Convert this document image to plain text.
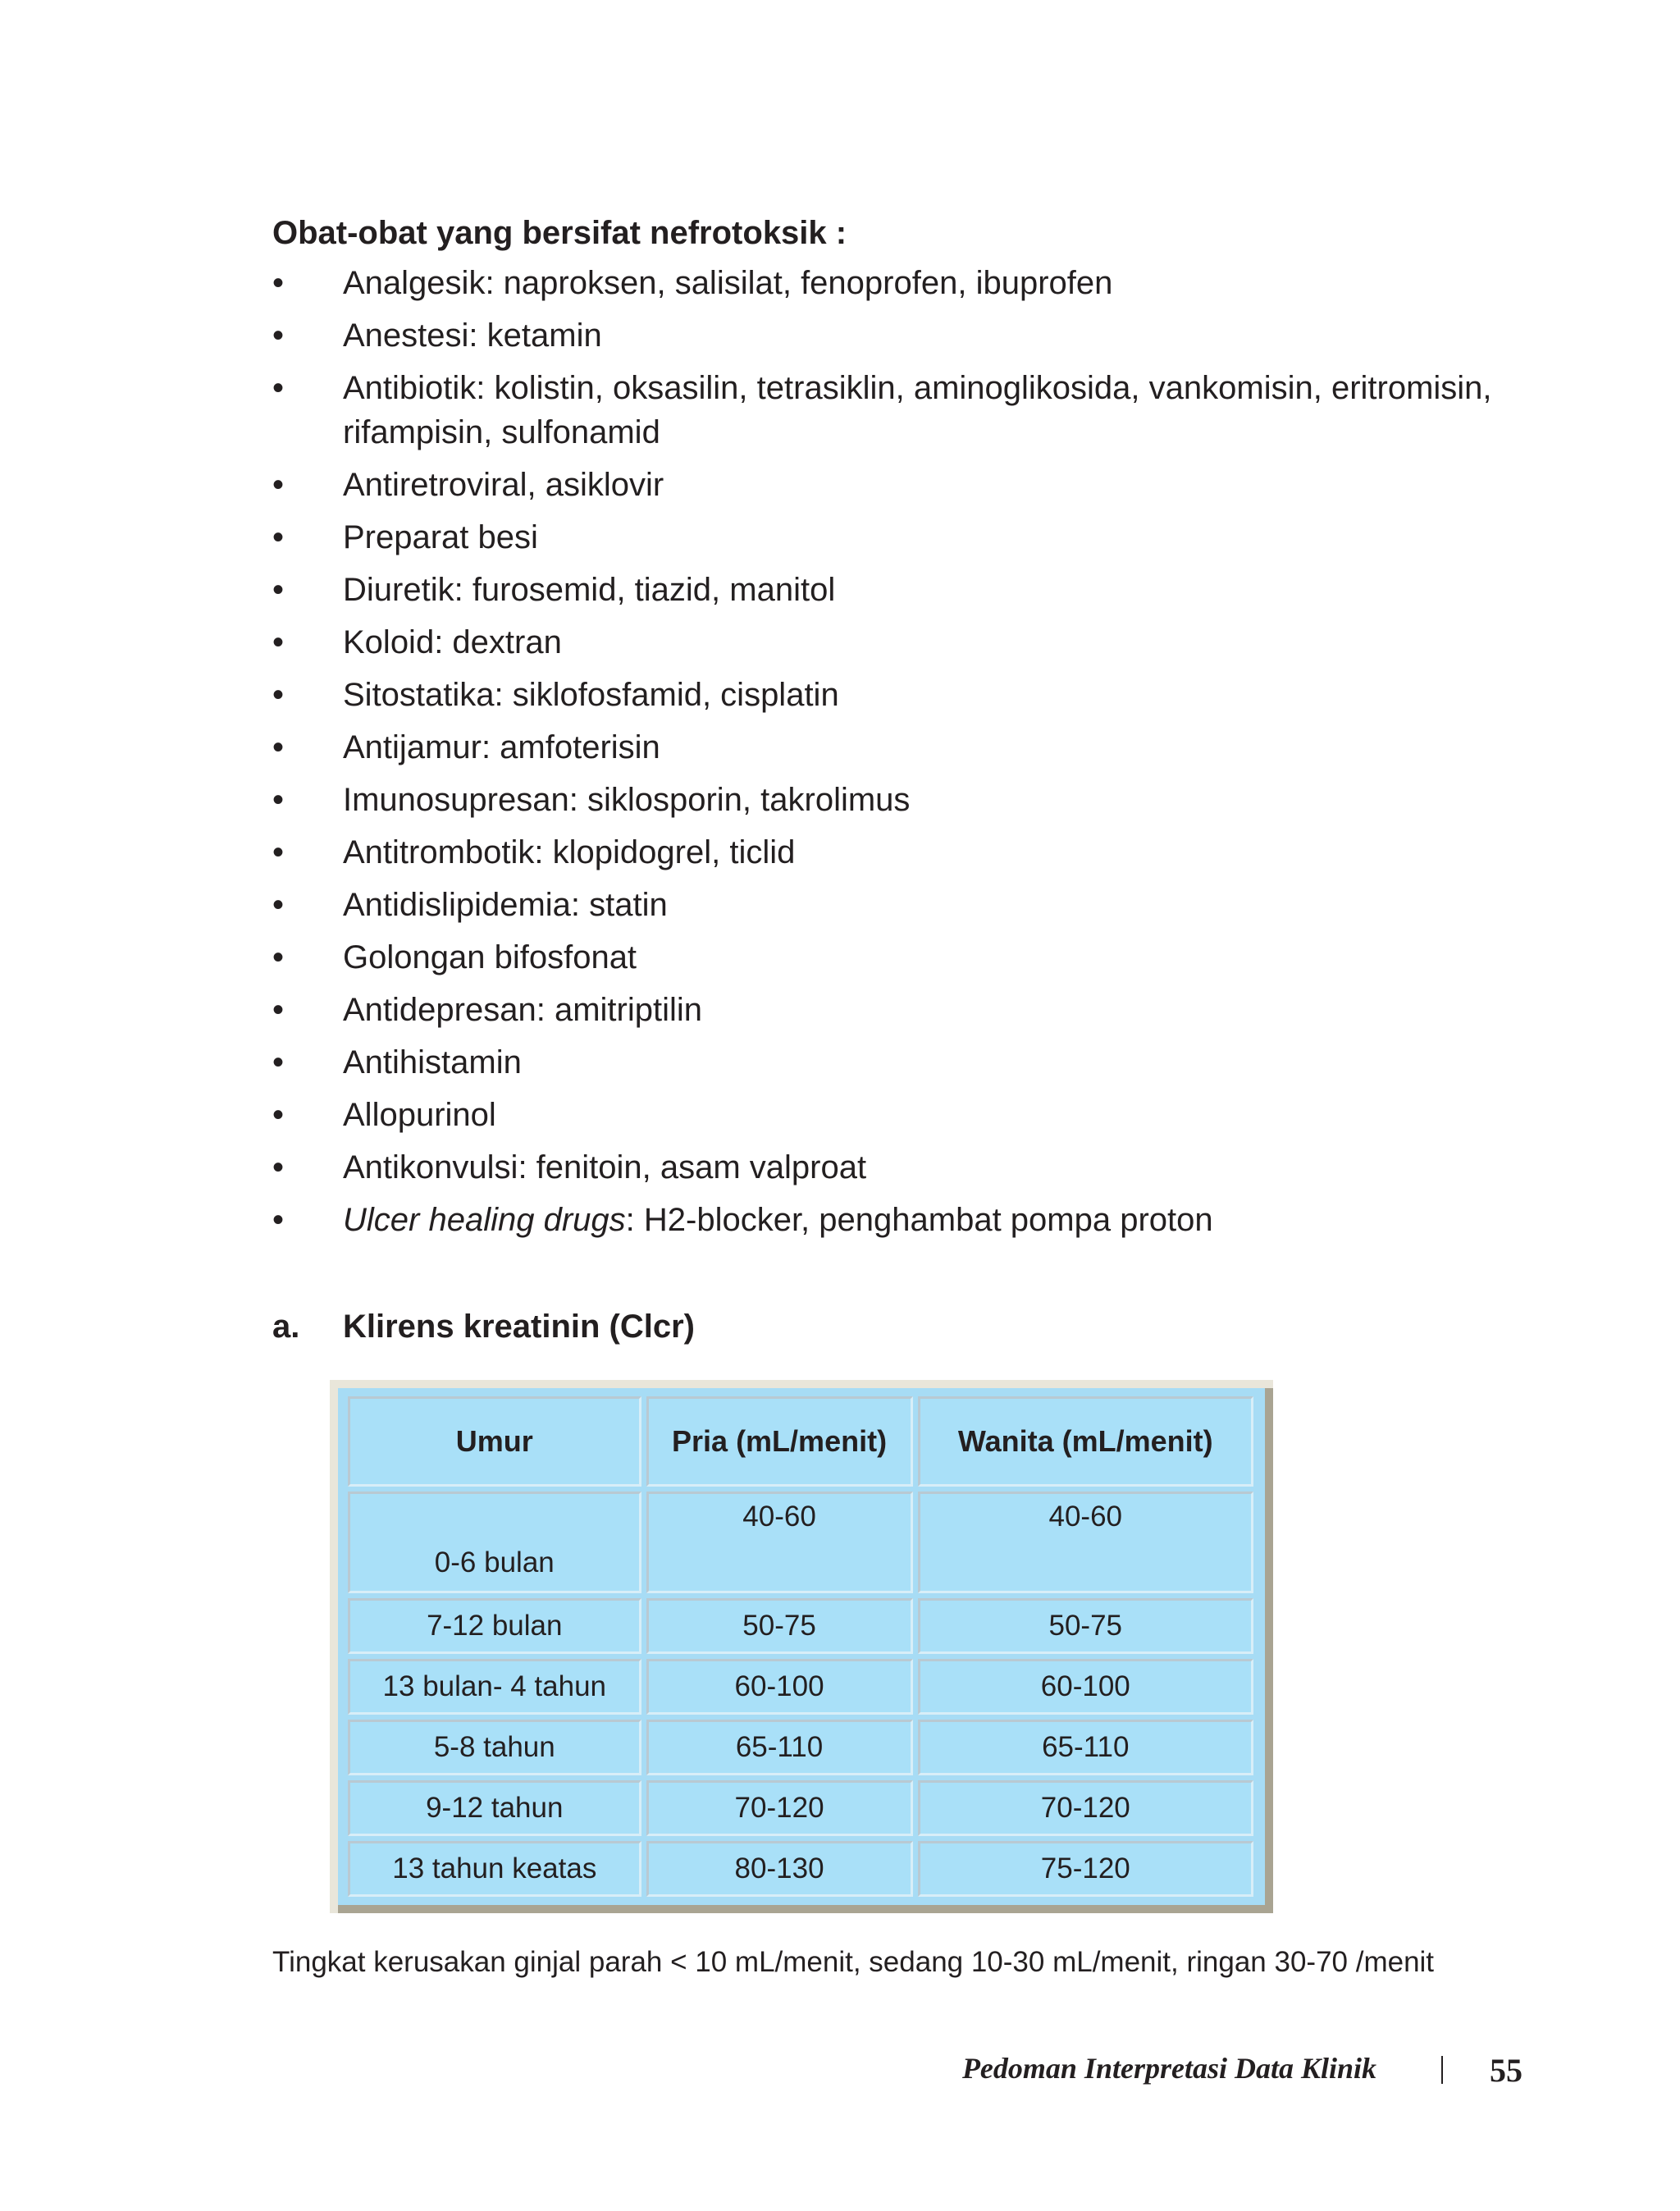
Obat-obat yang bersifat nefrotoksik :
•	Analgesik: naproksen, salisilat, fenoprofen, ibuprofen
•	Anestesi: ketamin
•	Antibiotik: kolistin, oksasilin, tetrasiklin, aminoglikosida, vankomisin, eritromisin,
rifampisin, sulfonamid
•	Antiretroviral, asiklovir
•	Preparat besi
•	Diuretik: furosemid, tiazid, manitol
•	Koloid: dextran
•	Sitostatika: siklofosfamid, cisplatin
•	Antijamur: amfoterisin
•	Imunosupresan: siklosporin, takrolimus
•	Antitrombotik: klopidogrel, ticlid
•	Antidislipidemia: statin
•	Golongan bifosfonat
•	Antidepresan: amitriptilin
•	Antihistamin
•	Allopurinol
•	Antikonvulsi: fenitoin, asam valproat
•	Ulcer healing drugs: H2-blocker, penghambat pompa proton
a. Klirens kreatinin (Clcr)
Umur	Pria (mL/menit)	Wanita (mL/menit)
0-6 bulan	40-60	40-60
7-12 bulan	50-75	50-75
13 bulan- 4 tahun	60-100	60-100
5-8 tahun	65-110	65-110
9-12 tahun	70-120	70-120
13 tahun keatas	80-130	75-120
Tingkat kerusakan ginjal parah < 10 mL/menit, sedang 10-30 mL/menit, ringan 30-70 /menit
Pedoman Interpretasi Data Klinik	55
